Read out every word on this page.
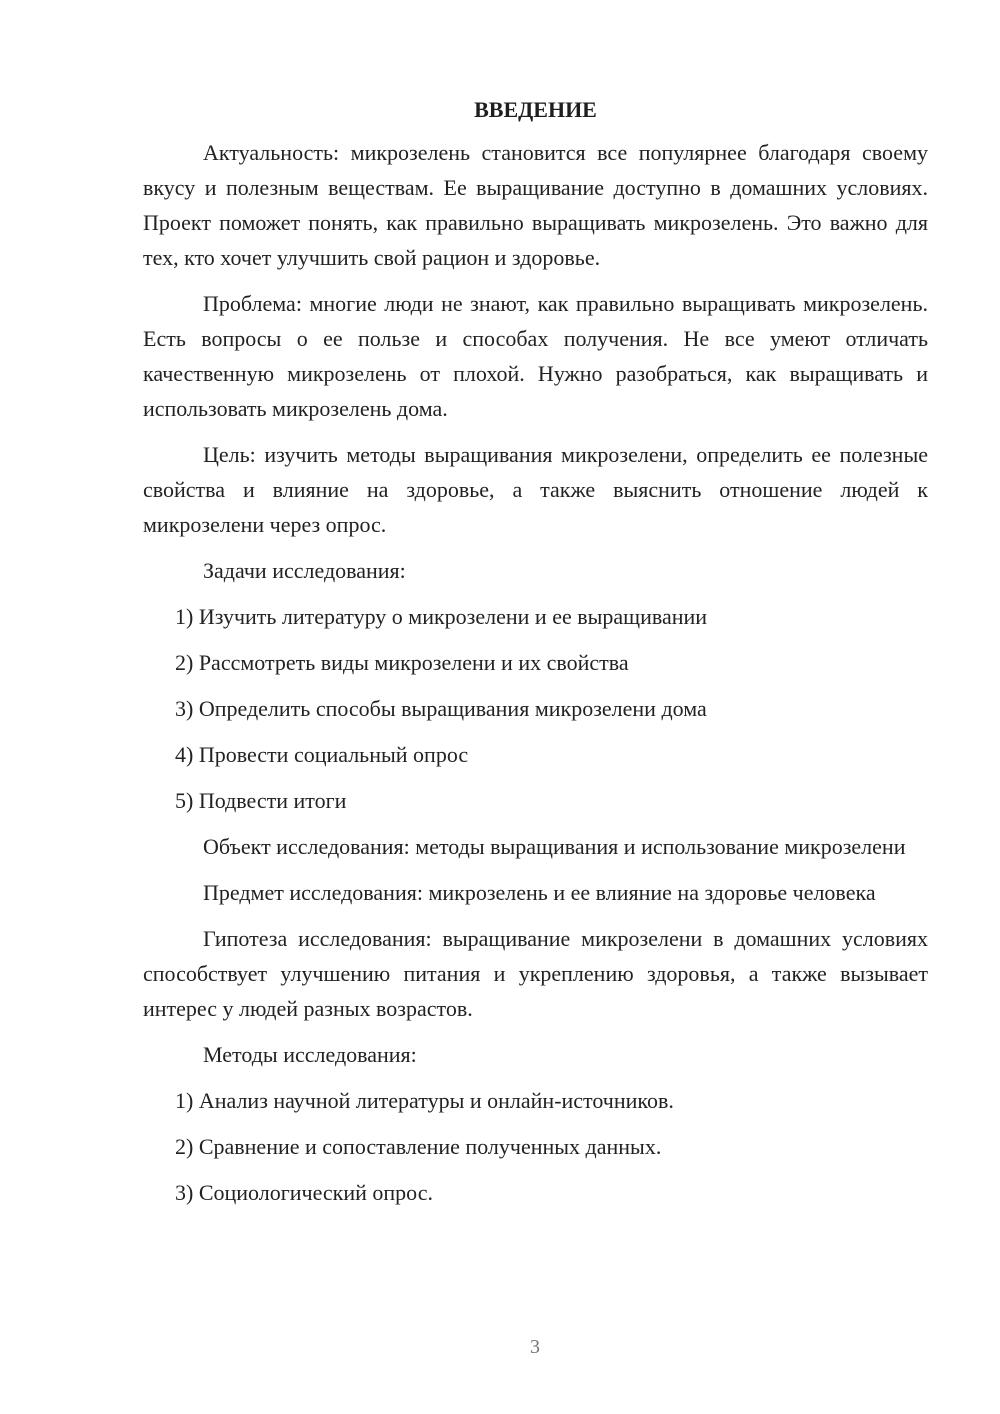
ВВЕДЕНИЕ

Актуальность: микрозелень становится все популярнее благодаря своему вкусу и полезным веществам. Ее выращивание доступно в домашних условиях. Проект поможет понять, как правильно выращивать микрозелень. Это важно для тех, кто хочет улучшить свой рацион и здоровье.

Проблема: многие люди не знают, как правильно выращивать микрозелень. Есть вопросы о ее пользе и способах получения. Не все умеют отличать качественную микрозелень от плохой. Нужно разобраться, как выращивать и использовать микрозелень дома.

Цель: изучить методы выращивания микрозелени, определить ее полезные свойства и влияние на здоровье, а также выяснить отношение людей к микрозелени через опрос.

Задачи исследования:

1) Изучить литературу о микрозелени и ее выращивании

2) Рассмотреть виды микрозелени и их свойства

3) Определить способы выращивания микрозелени дома

4) Провести социальный опрос

5) Подвести итоги

Объект исследования: методы выращивания и использование микрозелени

Предмет исследования: микрозелень и ее влияние на здоровье человека

Гипотеза исследования: выращивание микрозелени в домашних условиях способствует улучшению питания и укреплению здоровья, а также вызывает интерес у людей разных возрастов.

Методы исследования:

1) Анализ научной литературы и онлайн-источников.

2) Сравнение и сопоставление полученных данных.

3) Социологический опрос.

3
